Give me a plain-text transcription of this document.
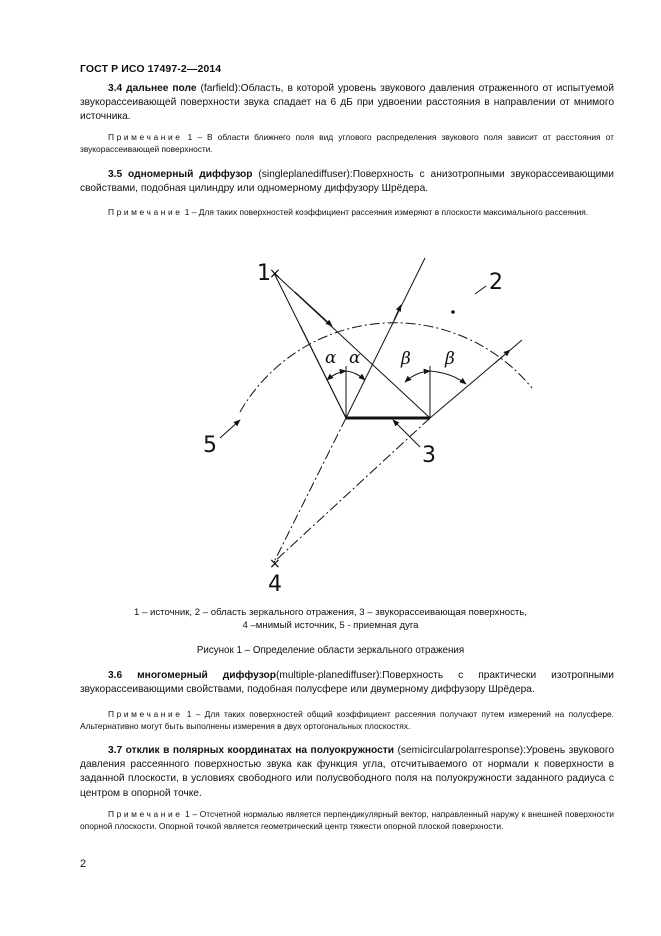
ГОСТ Р ИСО 17497-2—2014
3.4 дальнее поле (farfield):Область, в которой уровень звукового давления отраженного от испытуемой звукорассеивающей поверхности звука спадает на 6 дБ при удвоении расстояния в направлении от мнимого источника.
Примечание 1 – В области ближнего поля вид углового распределения звукового поля зависит от расстояния от звукорассеивающей поверхности.
3.5 одномерный диффузор (singleplanediffuser):Поверхность с анизотропными звукорассеивающими свойствами, подобная цилиндру или одномерному диффузору Шрёдера.
Примечание 1 – Для таких поверхностей коэффициент рассеяния измеряют в плоскости максимального рассеяния.
1
×
×
4
2
3
5
α α β β
1 – источник, 2 – область зеркального отражения, 3 – звукорассеивающая поверхность,
4 –мнимый источник, 5 - приемная дуга
Рисунок 1 – Определение области зеркального отражения
3.6 многомерный диффузор(multiple-planediffuser):Поверхность с практически изотропными звукорассеивающими свойствами, подобная полусфере или двумерному диффузору Шрёдера.
Примечание 1 – Для таких поверхностей общий коэффициент рассеяния получают путем измерений на полусфере. Альтернативно могут быть выполнены измерения в двух ортогональных плоскостях.
3.7 отклик в полярных координатах на полуокружности (semicircularpolarresponse):Уровень звукового давления рассеянного поверхностью звука как функция угла, отсчитываемого от нормали к поверхности в заданной плоскости, в условиях свободного или полусвободного поля на полуокружности заданного радиуса с центром в опорной точке.
Примечание 1 – Отсчетной нормалью является перпендикулярный вектор, направленный наружу к внешней поверхности опорной плоскости. Опорной точкой является геометрический центр тяжести опорной плоской поверхности.
2
